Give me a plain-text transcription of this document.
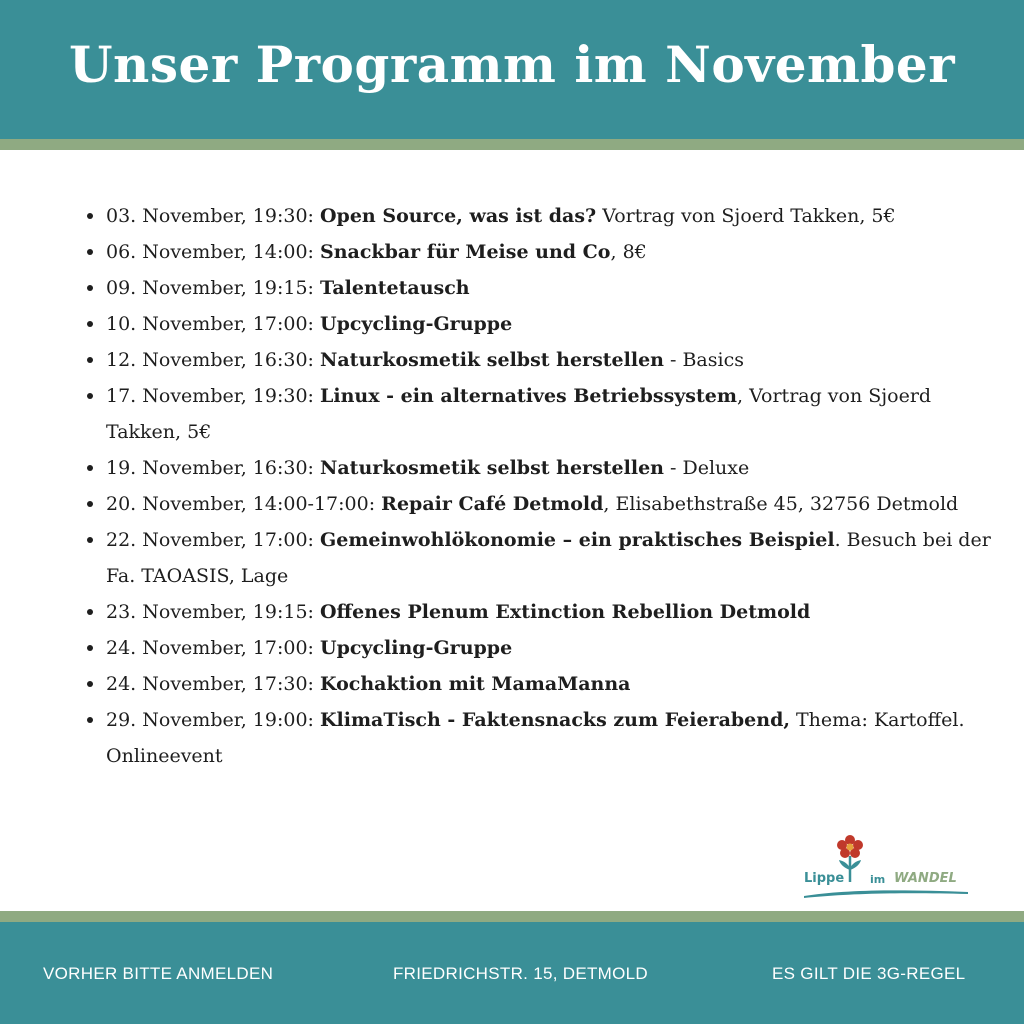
Unser Programm im November
03. November, 19:30: Open Source, was ist das? Vortrag von Sjoerd Takken, 5€
06. November, 14:00: Snackbar für Meise und Co, 8€
09. November, 19:15: Talentetausch
10. November, 17:00: Upcycling-Gruppe
12. November, 16:30: Naturkosmetik selbst herstellen - Basics
17. November, 19:30: Linux - ein alternatives Betriebssystem, Vortrag von Sjoerd Takken, 5€
19. November, 16:30: Naturkosmetik selbst herstellen - Deluxe
20. November, 14:00-17:00: Repair Café Detmold, Elisabethstraße 45, 32756 Detmold
22. November, 17:00: Gemeinwohlökonomie – ein praktisches Beispiel. Besuch bei der Fa. TAOASIS, Lage
23. November, 19:15: Offenes Plenum Extinction Rebellion Detmold
24. November, 17:00: Upcycling-Gruppe
24. November, 17:30: Kochaktion mit MamaManna
29. November, 19:00: KlimaTisch - Faktensnacks zum Feierabend, Thema: Kartoffel. Onlineevent
Lippe im WANDEL
VORHER BITTE ANMELDEN	FRIEDRICHSTR. 15, DETMOLD	ES GILT DIE 3G-REGEL
